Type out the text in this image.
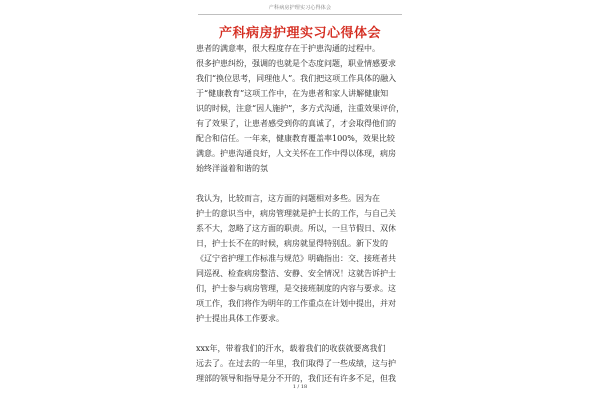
产科病房护理实习心得体会
产科病房护理实习心得体会
患者的满意率，很大程度存在于护患沟通的过程中。
很多护患纠纷，强调的也就是个态度问题，职业情感要求
我们“换位思考，同理他人”。我们把这项工作具体的融入
于“健康教育”这项工作中，在为患者和家人讲解健康知
识的时候，注意“因人施护”，多方式沟通，注重效果评价，
有了效果了，让患者感受到你的真诚了，才会取得他们的
配合和信任。一年来，健康教育覆盖率100%，效果比较
满意。护患沟通良好，人文关怀在工作中得以体现，病房
始终洋溢着和谐的氛
我认为，比较而言，这方面的问题相对多些。因为在
护士的意识当中，病房管理就是护士长的工作，与自己关
系不大，忽略了这方面的职责。所以，一旦节假日、双休
日，护士长不在的时候，病房就显得特别乱。新下发的
《辽宁省护理工作标准与规范》明确指出：交、接班者共
同巡视、检查病房整洁、安静、安全情况！这就告诉护士
们，护士参与病房管理，是交接班制度的内容与要求。这
项工作，我们将作为明年的工作重点在计划中提出，并对
护士提出具体工作要求。
xxx年，带着我们的汗水，载着我们的收获就要离我们
远去了。在过去的一年里，我们取得了一些成绩，这与护
理部的领导和指导是分不开的，我们还有许多不足，但我
1 / 18
